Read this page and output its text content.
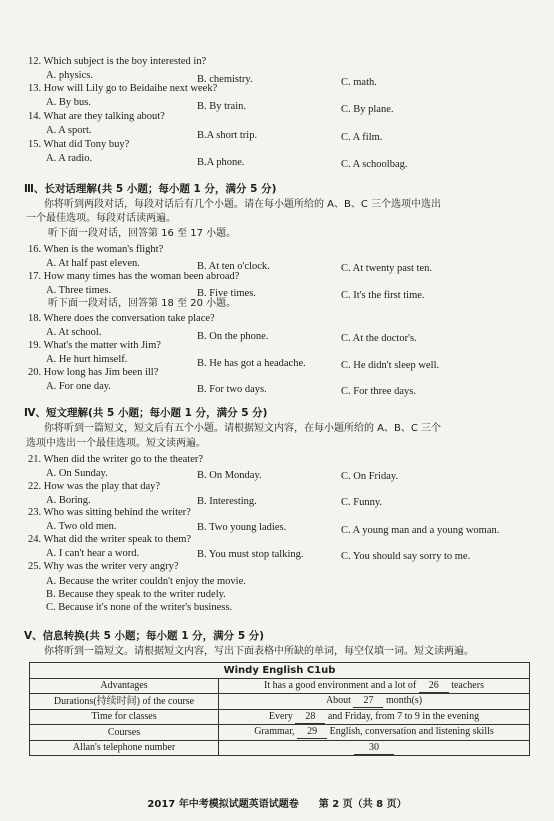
12. Which subject is the boy interested in?
A. physics.	B. chemistry.	C. math.
13. How will Lily go to Beidaihe next week?
A. By bus.	B. By train.	C. By plane.
14. What are they talking about?
A. A sport.	B.A short trip.	C. A film.
15. What did Tony buy?
A. A radio.	B.A phone.	C. A schoolbag.
Ⅲ、长对话理解(共 5 小题；每小题 1 分，满分 5 分)
你将听到两段对话，每段对话后有几个小题。请在每小题所给的 A、B、C 三个选项中选出
一个最佳选项。每段对话读两遍。
听下面一段对话，回答第 16 至 17 小题。
16. When is the woman's flight?
A. At half past eleven.	B. At ten o'clock.	C. At twenty past ten.
17. How many times has the woman been abroad?
A. Three times.	B. Five times.	C. It's the first time.
听下面一段对话，回答第 18 至 20 小题。
18. Where does the conversation take place?
A. At school.	B. On the phone.	C. At the doctor's.
19. What's the matter with Jim?
A. He hurt himself.	B. He has got a headache.	C. He didn't sleep well.
20. How long has Jim been ill?
A. For one day.	B. For two days.	C. For three days.
Ⅳ、短文理解(共 5 小题；每小题 1 分，满分 5 分)
你将听到一篇短文，短文后有五个小题。请根据短文内容，在每小题所给的 A、B、C 三个
选项中选出一个最佳选项。短文读两遍。
21. When did the writer go to the theater?
A. On Sunday.	B. On Monday.	C. On Friday.
22. How was the play that day?
A. Boring.	B. Interesting.	C. Funny.
23. Who was sitting behind the writer?
A. Two old men.	B. Two young ladies.	C. A young man and a young woman.
24. What did the writer speak to them?
A. I can't hear a word.	B. You must stop talking.	C. You should say sorry to me.
25. Why was the writer very angry?
A. Because the writer couldn't enjoy the movie.
B. Because they speak to the writer rudely.
C. Because it's none of the writer's business.
Ⅴ、信息转换(共 5 小题；每小题 1 分，满分 5 分)
你将听到一篇短文。请根据短文内容，写出下面表格中所缺的单词，每空仅填一词。短文读两遍。
Windy English C1ub	
Advantages	It has a good environment and a lot of 26 teachers
Durations(持续时间) of the course	About 27 month(s)
Time for classes	Every 28 and Friday, from 7 to 9 in the evening
Courses	Grammar, 29 English, conversation and listening skills
Allan's telephone number	30
2017 年中考模拟试题英语试题卷　　第 2 页（共 8 页）
